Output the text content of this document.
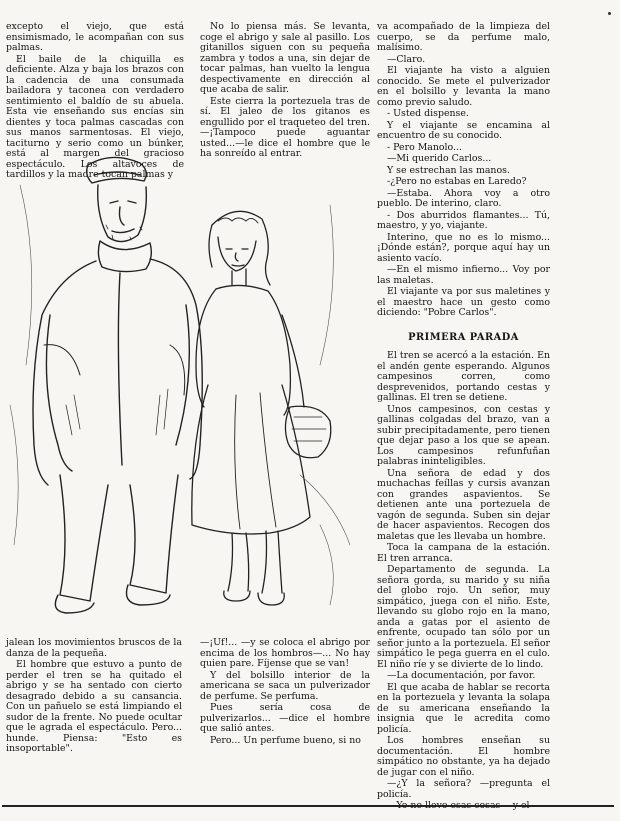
excepto el viejo, que está ensimismado, le acompañan con sus palmas.

El baile de la chiquilla es deficiente. Alza y baja los brazos con la cadencia de una consumada bailadora y taconea con verdadero sentimiento el baldío de su abuela. Esta vie enseñando sus encías sin dientes y toca palmas cascadas con sus manos sarmentosas. El viejo, taciturno y serio como un búnker, está al margen del gracioso espectáculo. Los altavoces de tardillos y la madre tocan palmas y

No lo piensa más. Se levanta, coge el abrigo y sale al pasillo. Los gitanillos siguen con su pequeña zambra y todos a una, sin dejar de tocar palmas, han vuelto la lengua despectivamente en dirección al que acaba de salir.

Este cierra la portezuela tras de sí. El jaleo de los gitanos es engullido por el traqueteo del tren. —¡Tampoco puede aguantar usted...—le dice el hombre que le ha sonreído al entrar.

va acompañado de la limpieza del cuerpo, se da perfume malo, malísimo.

—Claro.

El viajante ha visto a alguien conocido. Se mete el pulverizador en el bolsillo y levanta la mano como previo saludo.

- Usted dispense.

Y el viajante se encamina al encuentro de su conocido.

- Pero Manolo...

—Mi querido Carlos...

Y se estrechan las manos.

-¿Pero no estabas en Laredo?

—Estaba. Ahora voy a otro pueblo. De interino, claro.

- Dos aburridos flamantes... Tú, maestro, y yo, viajante.

Interino, que no es lo mismo... ¡Dónde están?, porque aquí hay un asiento vacío.

—En el mismo infierno... Voy por las maletas.

El viajante va por sus maletines y el maestro hace un gesto como diciendo: "Pobre Carlos".

PRIMERA PARADA

El tren se acercó a la estación. En el andén gente esperando. Algunos campesinos corren, como desprevenidos, portando cestas y gallinas. El tren se detiene.

Unos campesinos, con cestas y gallinas colgadas del brazo, van a subir precipitadamente, pero tienen que dejar paso a los que se apean. Los campesinos refunfuñan palabras ininteligibles.

Una señora de edad y dos muchachas feíllas y cursis avanzan con grandes aspavientos. Se detienen ante una portezuela de vagón de segunda. Suben sin dejar de hacer aspavientos. Recogen dos maletas que les llevaba un hombre.

Toca la campana de la estación. El tren arranca.

Departamento de segunda. La señora gorda, su marido y su niña del globo rojo. Un señor, muy simpático, juega con el niño. Este, llevando su globo rojo en la mano, anda a gatas por el asiento de enfrente, ocupado tan sólo por un señor junto a la portezuela. El señor simpático le pega guerra en el culo. El niño ríe y se divierte de lo lindo.

—La documentación, por favor.

El que acaba de hablar se recorta en la portezuela y levanta la solapa de su americana enseñando la insignia que le acredita como policía.

Los hombres enseñan su documentación. El hombre simpático no obstante, ya ha dejado de jugar con el niño.

—¿Y la señora? —pregunta el policía.

—Yo no llevo esas cosas —y el

jalean los movimientos bruscos de la danza de la pequeña.

El hombre que estuvo a punto de perder el tren se ha quitado el abrigo y se ha sentado con cierto desagrado debido a su cansancia. Con un pañuelo se está limpiando el sudor de la frente. No puede ocultar que le agrada el espectáculo. Pero... hunde. Piensa: "Esto es insoportable".

—¡Uf!... —y se coloca el abrigo por encima de los hombros—... No hay quien pare. Fíjense que se van!

Y del bolsillo interior de la americana se saca un pulverizador de perfume. Se perfuma.

Pues sería cosa de pulverizarlos... —dice el hombre que salió antes.

Pero... Un perfume bueno, si no
